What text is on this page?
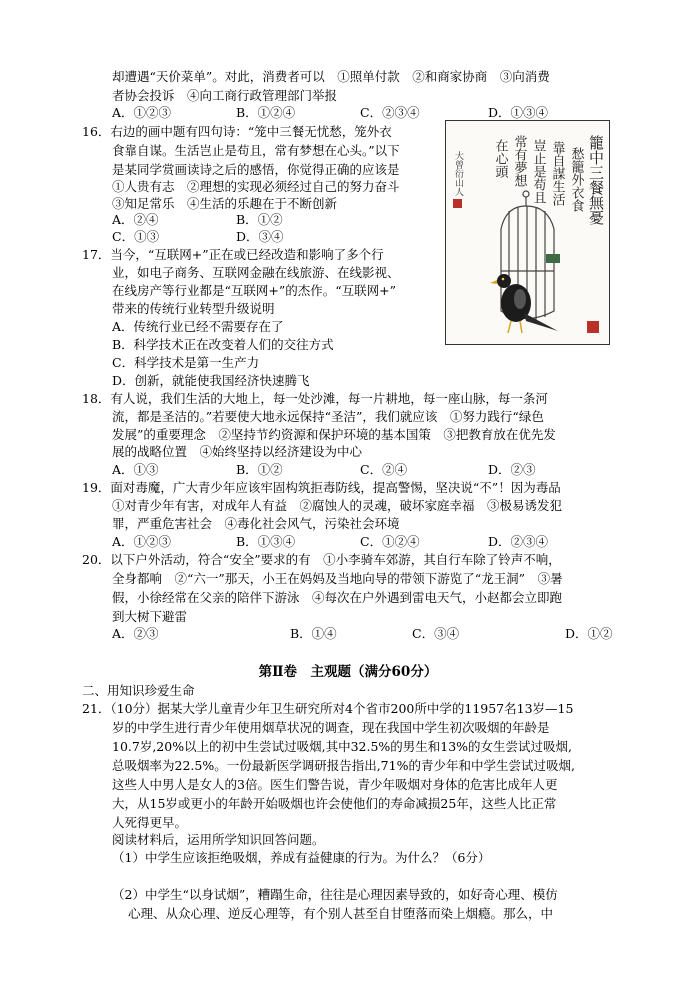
却遭遇“天价菜单”。对此，消费者可以　①照单付款　②和商家协商　③向消费
者协会投诉　④向工商行政管理部门举报
A．①②③	B．①②④	C．②③④	D．①③④
16．右边的画中题有四句诗：“笼中三餐无忧愁，笼外衣
食靠自谋。生活岂止是苟且，常有梦想在心头。”以下
是某同学赏画读诗之后的感悟，你觉得正确的应该是
①人贵有志　②理想的实现必须经过自己的努力奋斗
③知足常乐　④生活的乐趣在于不断创新
A．②④	B．①②
C．①③	D．③④
17．当今，“互联网+”正在或已经改造和影响了多个行
业，如电子商务、互联网金融在线旅游、在线影视、
在线房产等行业都是“互联网+”的杰作。“互联网+”
带来的传统行业转型升级说明
A．传统行业已经不需要存在了
B．科学技术正在改变着人们的交往方式
C．科学技术是第一生产力
D．创新，就能使我国经济快速腾飞
18．有人说，我们生活的大地上，每一处沙滩，每一片耕地，每一座山脉，每一条河
流，都是圣洁的。”若要使大地永远保持“圣洁”，我们就应该　①努力践行“绿色
发展”的重要理念　②坚持节约资源和保护环境的基本国策　③把教育放在优先发
展的战略位置　④始终坚持以经济建设为中心
A．①③	B．①②	C．②④	D．②③
19．面对毒魔，广大青少年应该牢固构筑拒毒防线，提高警惕，坚决说“不”！因为毒品
①对青少年有害，对成年人有益　②腐蚀人的灵魂，破坏家庭幸福　③极易诱发犯
罪，严重危害社会　④毒化社会风气，污染社会环境
A．①②③	B．①③④	C．①②④	D．②③④
20．以下户外活动，符合“安全”要求的有　①小李骑车郊游，其自行车除了铃声不响，
全身都响　②“六一”那天，小王在妈妈及当地向导的带领下游览了“龙王洞”　③暑
假，小徐经常在父亲的陪伴下游泳　④每次在户外遇到雷电天气，小赵都会立即跑
到大树下避雷
A．②③	B．①④	C．③④	D．①②
第Ⅱ卷　主观题（满分60分）
二、用知识珍爱生命
21．（10分）据某大学儿童青少年卫生研究所对4个省市200所中学的11957名13岁—15
岁的中学生进行青少年使用烟草状况的调查，现在我国中学生初次吸烟的年龄是
10.7岁,20%以上的初中生尝试过吸烟,其中32.5%的男生和13%的女生尝试过吸烟,
总吸烟率为22.5%。一份最新医学调研报告指出,71%的青少年和中学生尝试过吸烟,
这些人中男人是女人的3倍。医生们警告说，青少年吸烟对身体的危害比成年人更
大，从15岁或更小的年龄开始吸烟也许会使他们的寿命减损25年，这些人比正常
人死得更早。
阅读材料后，运用所学知识回答问题。
（1）中学生应该拒绝吸烟，养成有益健康的行为。为什么？（6分）
（2）中学生“以身试烟”，糟蹋生命，往往是心理因素导致的，如好奇心理、模仿
心理、从众心理、逆反心理等，有个别人甚至自甘堕落而染上烟瘾。那么，中
籠中三餐無憂
愁籠外衣食
靠自謀生活
豈止是苟且
常有夢想
在心頭
大曾衍山人
